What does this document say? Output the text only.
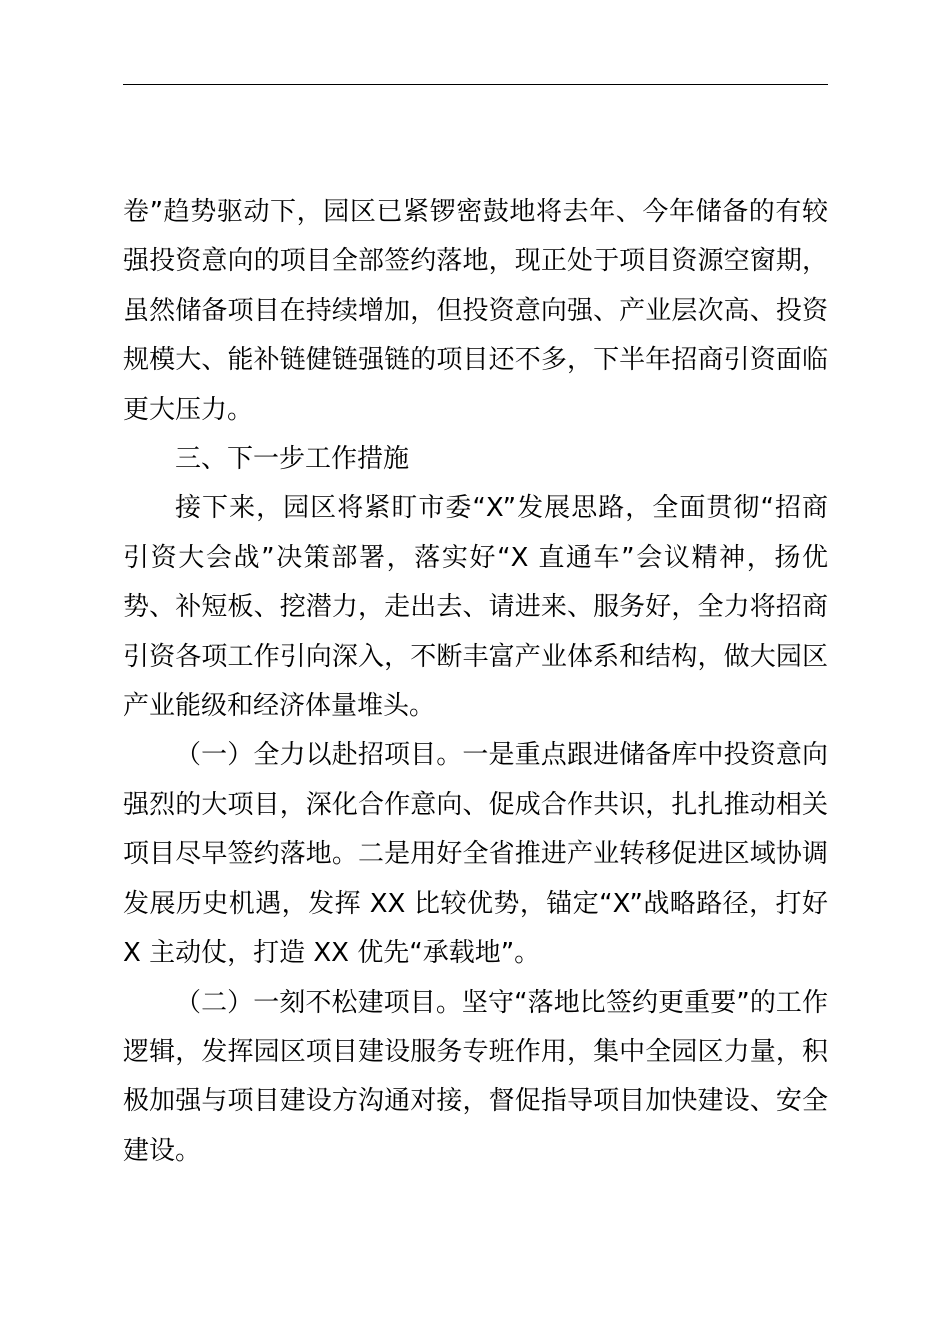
卷”趋势驱动下，园区已紧锣密鼓地将去年、今年储备的有较强投资意向的项目全部签约落地，现正处于项目资源空窗期，虽然储备项目在持续增加，但投资意向强、产业层次高、投资规模大、能补链健链强链的项目还不多，下半年招商引资面临更大压力。

三、下一步工作措施

接下来，园区将紧盯市委“X”发展思路，全面贯彻“招商引资大会战”决策部署，落实好“X 直通车”会议精神，扬优势、补短板、挖潜力，走出去、请进来、服务好，全力将招商引资各项工作引向深入，不断丰富产业体系和结构，做大园区产业能级和经济体量堆头。

（一）全力以赴招项目。一是重点跟进储备库中投资意向强烈的大项目，深化合作意向、促成合作共识，扎扎推动相关项目尽早签约落地。二是用好全省推进产业转移促进区域协调发展历史机遇，发挥 XX 比较优势，锚定“X”战略路径，打好 X 主动仗，打造 XX 优先“承载地”。

（二）一刻不松建项目。坚守“落地比签约更重要”的工作逻辑，发挥园区项目建设服务专班作用，集中全园区力量，积极加强与项目建设方沟通对接，督促指导项目加快建设、安全建设。
